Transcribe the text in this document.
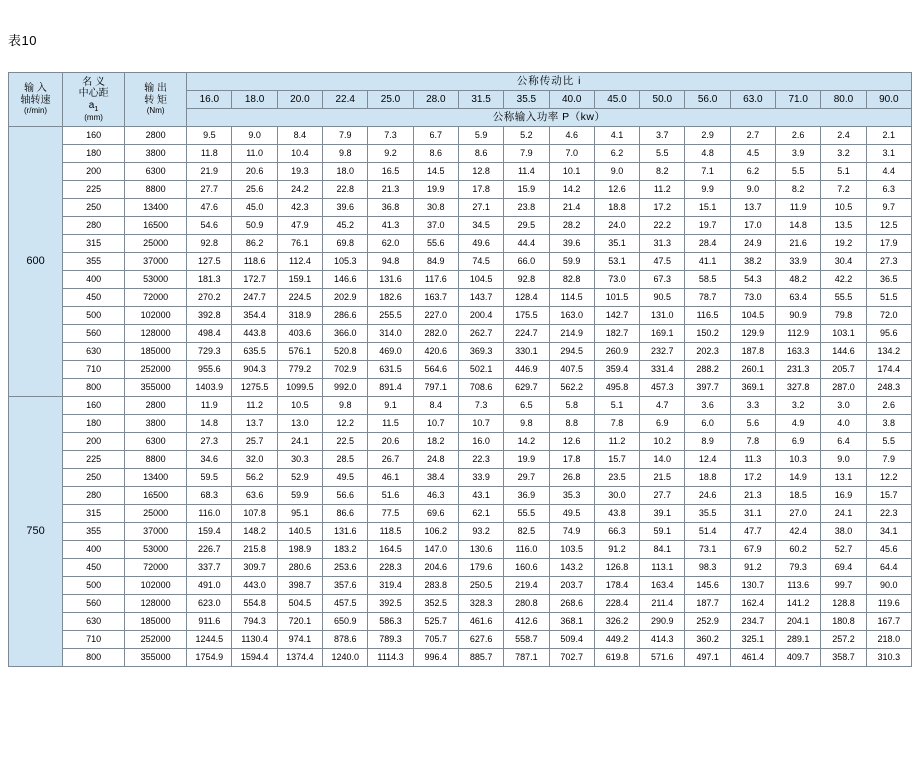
表10
输 入
轴转速
(r/min)	名 义
中心距
$a_1$
(mm)	输 出
转 矩
(Nm)	公称传动比 i															
			16.0	18.0	20.0	22.4	25.0	28.0	31.5	35.5	40.0	45.0	50.0	56.0	63.0	71.0	80.0	90.0
			公称输入功率 P（kw）															
600	160	2800	9.5	9.0	8.4	7.9	7.3	6.7	5.9	5.2	4.6	4.1	3.7	2.9	2.7	2.6	2.4	2.1
	180	3800	11.8	11.0	10.4	9.8	9.2	8.6	8.6	7.9	7.0	6.2	5.5	4.8	4.5	3.9	3.2	3.1
	200	6300	21.9	20.6	19.3	18.0	16.5	14.5	12.8	11.4	10.1	9.0	8.2	7.1	6.2	5.5	5.1	4.4
	225	8800	27.7	25.6	24.2	22.8	21.3	19.9	17.8	15.9	14.2	12.6	11.2	9.9	9.0	8.2	7.2	6.3
	250	13400	47.6	45.0	42.3	39.6	36.8	30.8	27.1	23.8	21.4	18.8	17.2	15.1	13.7	11.9	10.5	9.7
	280	16500	54.6	50.9	47.9	45.2	41.3	37.0	34.5	29.5	28.2	24.0	22.2	19.7	17.0	14.8	13.5	12.5
	315	25000	92.8	86.2	76.1	69.8	62.0	55.6	49.6	44.4	39.6	35.1	31.3	28.4	24.9	21.6	19.2	17.9
	355	37000	127.5	118.6	112.4	105.3	94.8	84.9	74.5	66.0	59.9	53.1	47.5	41.1	38.2	33.9	30.4	27.3
	400	53000	181.3	172.7	159.1	146.6	131.6	117.6	104.5	92.8	82.8	73.0	67.3	58.5	54.3	48.2	42.2	36.5
	450	72000	270.2	247.7	224.5	202.9	182.6	163.7	143.7	128.4	114.5	101.5	90.5	78.7	73.0	63.4	55.5	51.5
	500	102000	392.8	354.4	318.9	286.6	255.5	227.0	200.4	175.5	163.0	142.7	131.0	116.5	104.5	90.9	79.8	72.0
	560	128000	498.4	443.8	403.6	366.0	314.0	282.0	262.7	224.7	214.9	182.7	169.1	150.2	129.9	112.9	103.1	95.6
	630	185000	729.3	635.5	576.1	520.8	469.0	420.6	369.3	330.1	294.5	260.9	232.7	202.3	187.8	163.3	144.6	134.2
	710	252000	955.6	904.3	779.2	702.9	631.5	564.6	502.1	446.9	407.5	359.4	331.4	288.2	260.1	231.3	205.7	174.4
	800	355000	1403.9	1275.5	1099.5	992.0	891.4	797.1	708.6	629.7	562.2	495.8	457.3	397.7	369.1	327.8	287.0	248.3
750	160	2800	11.9	11.2	10.5	9.8	9.1	8.4	7.3	6.5	5.8	5.1	4.7	3.6	3.3	3.2	3.0	2.6
	180	3800	14.8	13.7	13.0	12.2	11.5	10.7	10.7	9.8	8.8	7.8	6.9	6.0	5.6	4.9	4.0	3.8
	200	6300	27.3	25.7	24.1	22.5	20.6	18.2	16.0	14.2	12.6	11.2	10.2	8.9	7.8	6.9	6.4	5.5
	225	8800	34.6	32.0	30.3	28.5	26.7	24.8	22.3	19.9	17.8	15.7	14.0	12.4	11.3	10.3	9.0	7.9
	250	13400	59.5	56.2	52.9	49.5	46.1	38.4	33.9	29.7	26.8	23.5	21.5	18.8	17.2	14.9	13.1	12.2
	280	16500	68.3	63.6	59.9	56.6	51.6	46.3	43.1	36.9	35.3	30.0	27.7	24.6	21.3	18.5	16.9	15.7
	315	25000	116.0	107.8	95.1	86.6	77.5	69.6	62.1	55.5	49.5	43.8	39.1	35.5	31.1	27.0	24.1	22.3
	355	37000	159.4	148.2	140.5	131.6	118.5	106.2	93.2	82.5	74.9	66.3	59.1	51.4	47.7	42.4	38.0	34.1
	400	53000	226.7	215.8	198.9	183.2	164.5	147.0	130.6	116.0	103.5	91.2	84.1	73.1	67.9	60.2	52.7	45.6
	450	72000	337.7	309.7	280.6	253.6	228.3	204.6	179.6	160.6	143.2	126.8	113.1	98.3	91.2	79.3	69.4	64.4
	500	102000	491.0	443.0	398.7	357.6	319.4	283.8	250.5	219.4	203.7	178.4	163.4	145.6	130.7	113.6	99.7	90.0
	560	128000	623.0	554.8	504.5	457.5	392.5	352.5	328.3	280.8	268.6	228.4	211.4	187.7	162.4	141.2	128.8	119.6
	630	185000	911.6	794.3	720.1	650.9	586.3	525.7	461.6	412.6	368.1	326.2	290.9	252.9	234.7	204.1	180.8	167.7
	710	252000	1244.5	1130.4	974.1	878.6	789.3	705.7	627.6	558.7	509.4	449.2	414.3	360.2	325.1	289.1	257.2	218.0
	800	355000	1754.9	1594.4	1374.4	1240.0	1114.3	996.4	885.7	787.1	702.7	619.8	571.6	497.1	461.4	409.7	358.7	310.3
